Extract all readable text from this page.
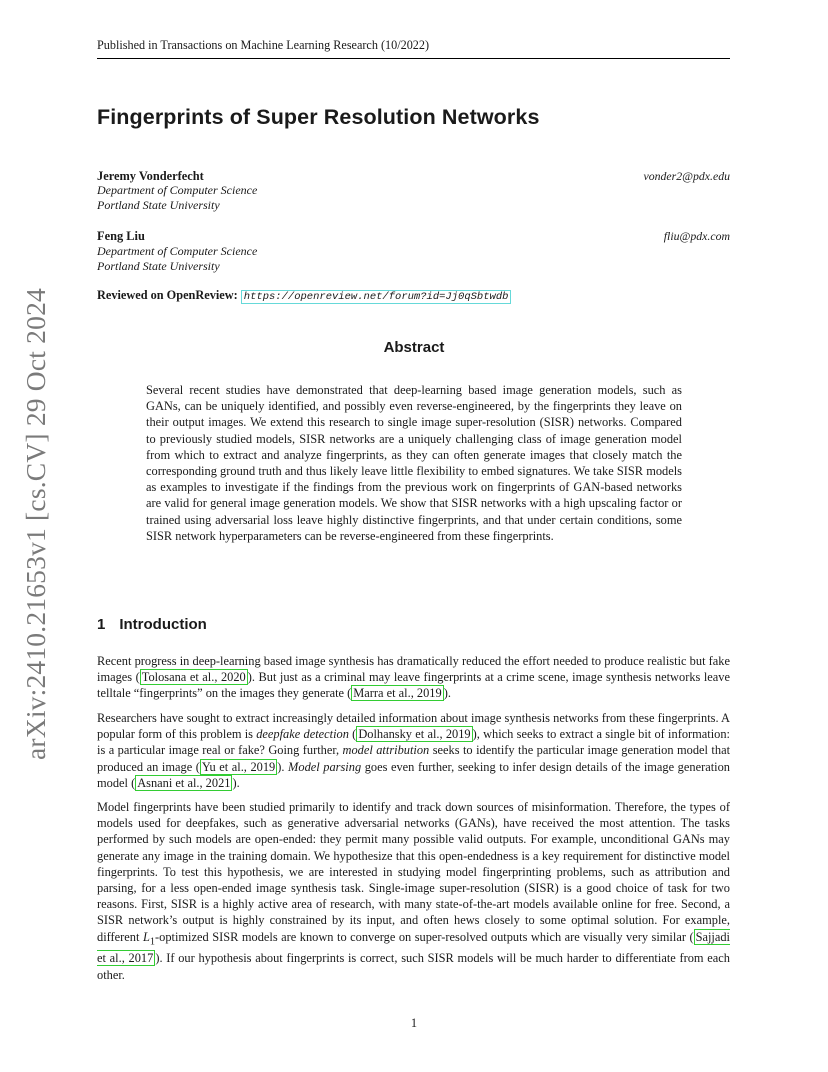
Published in Transactions on Machine Learning Research (10/2022)
arXiv:2410.21653v1 [cs.CV] 29 Oct 2024
Fingerprints of Super Resolution Networks
Jeremy Vonderfecht	vonder2@pdx.edu
Department of Computer Science
Portland State University
Feng Liu	fliu@pdx.com
Department of Computer Science
Portland State University
Reviewed on OpenReview: https://openreview.net/forum?id=Jj0qSbtwdb
Abstract
Several recent studies have demonstrated that deep-learning based image generation models, such as GANs, can be uniquely identified, and possibly even reverse-engineered, by the fingerprints they leave on their output images. We extend this research to single image super-resolution (SISR) networks. Compared to previously studied models, SISR networks are a uniquely challenging class of image generation model from which to extract and analyze fingerprints, as they can often generate images that closely match the corresponding ground truth and thus likely leave little flexibility to embed signatures. We take SISR models as examples to investigate if the findings from the previous work on fingerprints of GAN-based networks are valid for general image generation models. We show that SISR networks with a high upscaling factor or trained using adversarial loss leave highly distinctive fingerprints, and that under certain conditions, some SISR network hyperparameters can be reverse-engineered from these fingerprints.
1 Introduction
Recent progress in deep-learning based image synthesis has dramatically reduced the effort needed to produce realistic but fake images ( Tolosana et al., 2020 ). But just as a criminal may leave fingerprints at a crime scene, image synthesis networks leave telltale “fingerprints” on the images they generate ( Marra et al., 2019 ).
Researchers have sought to extract increasingly detailed information about image synthesis networks from these fingerprints. A popular form of this problem is deepfake detection ( Dolhansky et al., 2019 ), which seeks to extract a single bit of information: is a particular image real or fake? Going further, model attribution seeks to identify the particular image generation model that produced an image ( Yu et al., 2019 ). Model parsing goes even further, seeking to infer design details of the image generation model ( Asnani et al., 2021 ).
Model fingerprints have been studied primarily to identify and track down sources of misinformation. Therefore, the types of models used for deepfakes, such as generative adversarial networks (GANs), have received the most attention. The tasks performed by such models are open-ended: they permit many possible valid outputs. For example, unconditional GANs may generate any image in the training domain. We hypothesize that this open-endedness is a key requirement for distinctive model fingerprints. To test this hypothesis, we are interested in studying model fingerprinting problems, such as attribution and parsing, for a less open-ended image synthesis task. Single-image super-resolution (SISR) is a good choice of task for two reasons. First, SISR is a highly active area of research, with many state-of-the-art models available online for free. Second, a SISR network’s output is highly constrained by its input, and often hews closely to some optimal solution. For example, different $L_1$-optimized SISR models are known to converge on super-resolved outputs which are visually very similar ( Sajjadi et al., 2017 ). If our hypothesis about fingerprints is correct, such SISR models will be much harder to differentiate from each other.
1
